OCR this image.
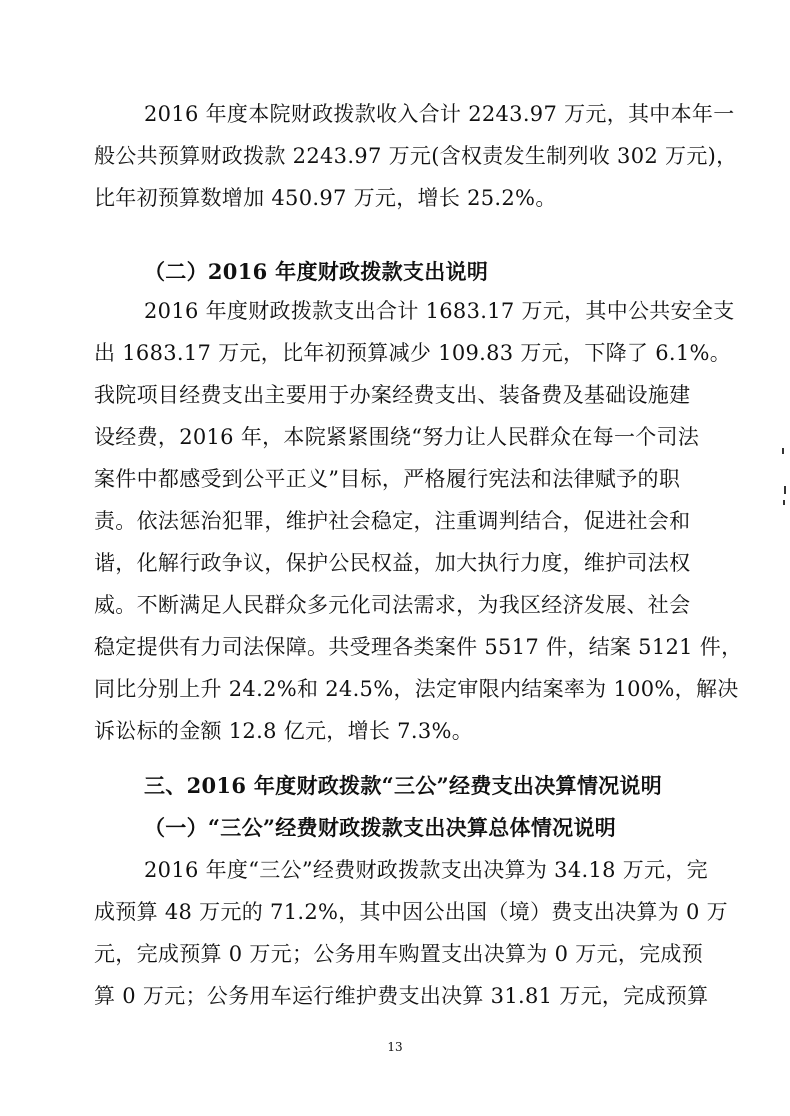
2016 年度本院财政拨款收入合计 2243.97 万元，其中本年一
般公共预算财政拨款 2243.97 万元(含权责发生制列收 302 万元)，
比年初预算数增加 450.97 万元，增长 25.2%。
（二）2016 年度财政拨款支出说明
2016 年度财政拨款支出合计 1683.17 万元，其中公共安全支
出 1683.17 万元，比年初预算减少 109.83 万元，下降了 6.1%。
我院项目经费支出主要用于办案经费支出、装备费及基础设施建
设经费，2016 年，本院紧紧围绕“努力让人民群众在每一个司法
案件中都感受到公平正义”目标，严格履行宪法和法律赋予的职
责。依法惩治犯罪，维护社会稳定，注重调判结合，促进社会和
谐，化解行政争议，保护公民权益，加大执行力度，维护司法权
威。不断满足人民群众多元化司法需求，为我区经济发展、社会
稳定提供有力司法保障。共受理各类案件 5517 件，结案 5121 件，
同比分别上升 24.2%和 24.5%，法定审限内结案率为 100%，解决
诉讼标的金额 12.8 亿元，增长 7.3%。
三、2016 年度财政拨款“三公”经费支出决算情况说明
（一）“三公”经费财政拨款支出决算总体情况说明
2016 年度“三公”经费财政拨款支出决算为 34.18 万元，完
成预算 48 万元的 71.2%，其中因公出国（境）费支出决算为 0 万
元，完成预算 0 万元；公务用车购置支出决算为 0 万元，完成预
算 0 万元；公务用车运行维护费支出决算 31.81 万元，完成预算
13
